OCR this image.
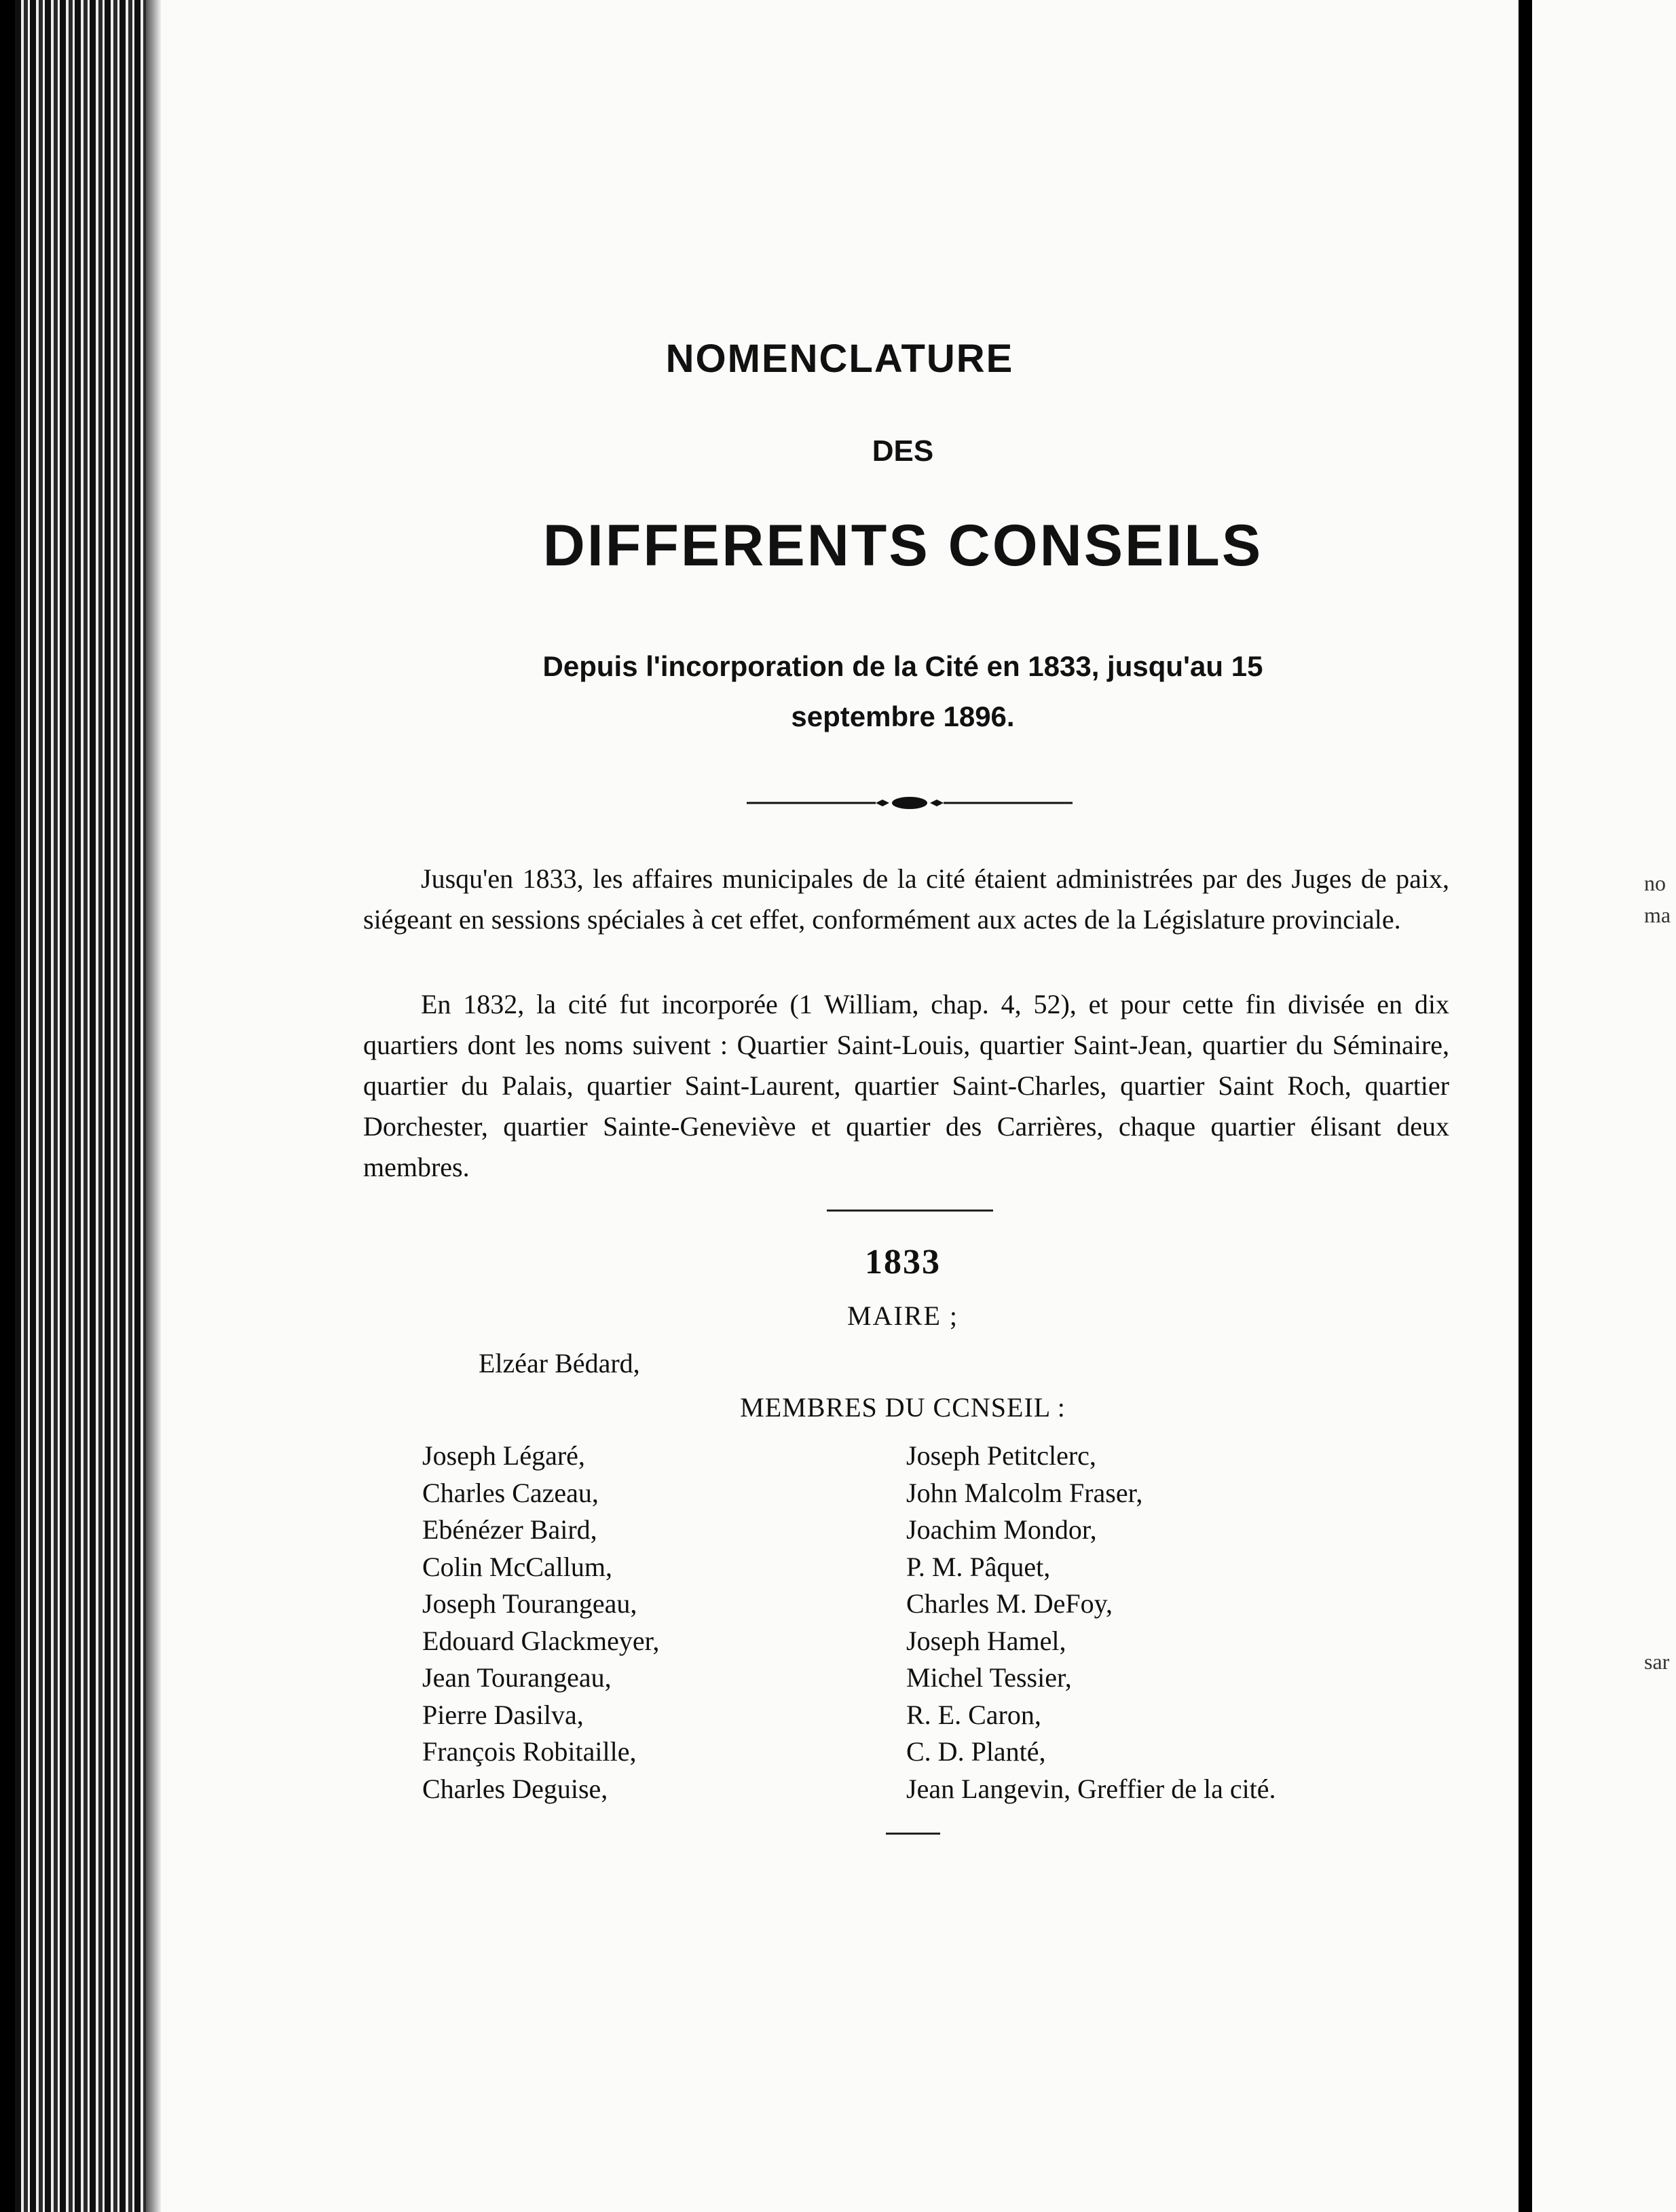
no
ma
sar
NOMENCLATURE
DES
DIFFERENTS CONSEILS
Depuis l'incorporation de la Cité en 1833, jusqu'au 15 septembre 1896.

Jusqu'en 1833, les affaires municipales de la cité étaient administrées par des Juges de paix, siégeant en sessions spéciales à cet effet, conformément aux actes de la Législature provinciale.

En 1832, la cité fut incorporée (1 William, chap. 4, 52), et pour cette fin divisée en dix quartiers dont les noms suivent : Quartier Saint-Louis, quartier Saint-Jean, quartier du Séminaire, quartier du Palais, quartier Saint-Laurent, quartier Saint-Charles, quartier Saint Roch, quartier Dorchester, quartier Sainte-Geneviève et quartier des Carrières, chaque quartier élisant deux membres.

1833
MAIRE ;
Elzéar Bédard,
MEMBRES DU CCNSEIL :
Joseph Légaré,
Charles Cazeau,
Ebénézer Baird,
Colin McCallum,
Joseph Tourangeau,
Edouard Glackmeyer,
Jean Tourangeau,
Pierre Dasilva,
François Robitaille,
Charles Deguise,
Joseph Petitclerc,
John Malcolm Fraser,
Joachim Mondor,
P. M. Pâquet,
Charles M. DeFoy,
Joseph Hamel,
Michel Tessier,
R. E. Caron,
C. D. Planté,
Jean Langevin, Greffier de la cité.
